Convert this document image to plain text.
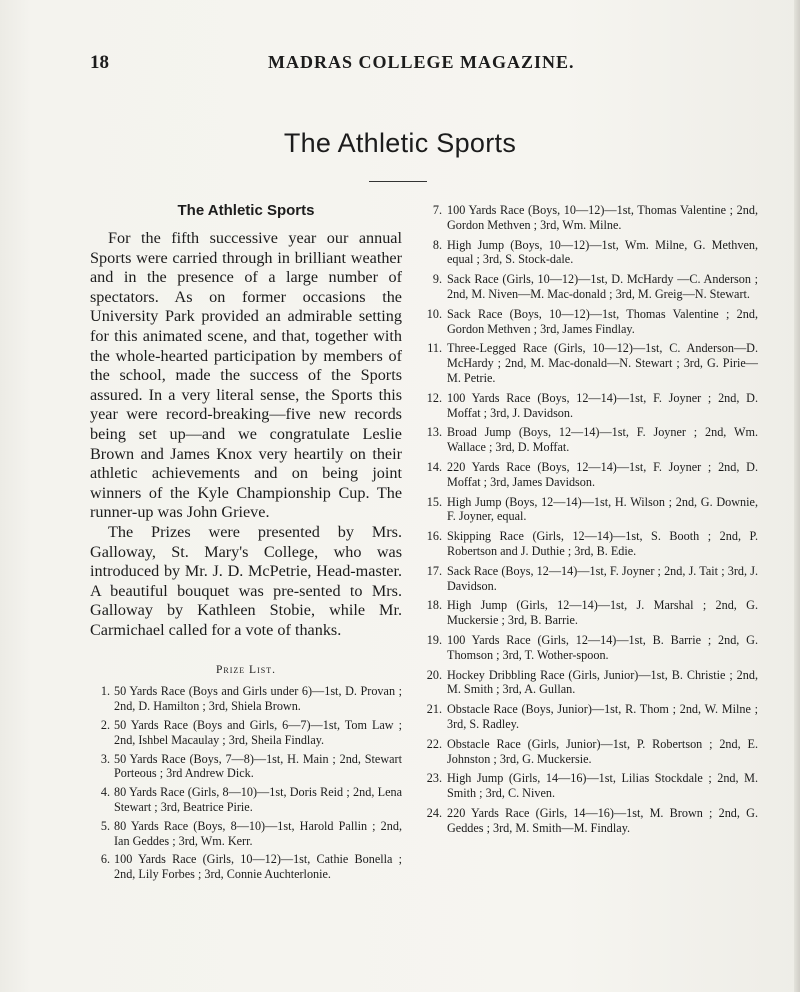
18	MADRAS COLLEGE MAGAZINE.
The Athletic Sports
The Athletic Sports

For the fifth successive year our annual Sports were carried through in brilliant weather and in the presence of a large number of spectators. As on former occasions the University Park provided an admirable setting for this animated scene, and that, together with the whole-hearted participation by members of the school, made the success of the Sports assured. In a very literal sense, the Sports this year were record-breaking—five new records being set up—and we congratulate Leslie Brown and James Knox very heartily on their athletic achievements and on being joint winners of the Kyle Championship Cup. The runner-up was John Grieve.

The Prizes were presented by Mrs. Galloway, St. Mary's College, who was introduced by Mr. J. D. McPetrie, Head-master. A beautiful bouquet was pre-sented to Mrs. Galloway by Kathleen Stobie, while Mr. Carmichael called for a vote of thanks.

Prize List.
1. 50 Yards Race (Boys and Girls under 6)—1st, D. Provan ; 2nd, D. Hamilton ; 3rd, Shiela Brown.
2. 50 Yards Race (Boys and Girls, 6—7)—1st, Tom Law ; 2nd, Ishbel Macaulay ; 3rd, Sheila Findlay.
3. 50 Yards Race (Boys, 7—8)—1st, H. Main ; 2nd, Stewart Porteous ; 3rd Andrew Dick.
4. 80 Yards Race (Girls, 8—10)—1st, Doris Reid ; 2nd, Lena Stewart ; 3rd, Beatrice Pirie.
5. 80 Yards Race (Boys, 8—10)—1st, Harold Pallin ; 2nd, Ian Geddes ; 3rd, Wm. Kerr.
6. 100 Yards Race (Girls, 10—12)—1st, Cathie Bonella ; 2nd, Lily Forbes ; 3rd, Connie Auchterlonie.
7. 100 Yards Race (Boys, 10—12)—1st, Thomas Valentine ; 2nd, Gordon Methven ; 3rd, Wm. Milne.
8. High Jump (Boys, 10—12)—1st, Wm. Milne, G. Methven, equal ; 3rd, S. Stock-dale.
9. Sack Race (Girls, 10—12)—1st, D. McHardy —C. Anderson ; 2nd, M. Niven—M. Mac-donald ; 3rd, M. Greig—N. Stewart.
10. Sack Race (Boys, 10—12)—1st, Thomas Valentine ; 2nd, Gordon Methven ; 3rd, James Findlay.
11. Three-Legged Race (Girls, 10—12)—1st, C. Anderson—D. McHardy ; 2nd, M. Mac-donald—N. Stewart ; 3rd, G. Pirie—M. Petrie.
12. 100 Yards Race (Boys, 12—14)—1st, F. Joyner ; 2nd, D. Moffat ; 3rd, J. Davidson.
13. Broad Jump (Boys, 12—14)—1st, F. Joyner ; 2nd, Wm. Wallace ; 3rd, D. Moffat.
14. 220 Yards Race (Boys, 12—14)—1st, F. Joyner ; 2nd, D. Moffat ; 3rd, James Davidson.
15. High Jump (Boys, 12—14)—1st, H. Wilson ; 2nd, G. Downie, F. Joyner, equal.
16. Skipping Race (Girls, 12—14)—1st, S. Booth ; 2nd, P. Robertson and J. Duthie ; 3rd, B. Edie.
17. Sack Race (Boys, 12—14)—1st, F. Joyner ; 2nd, J. Tait ; 3rd, J. Davidson.
18. High Jump (Girls, 12—14)—1st, J. Marshal ; 2nd, G. Muckersie ; 3rd, B. Barrie.
19. 100 Yards Race (Girls, 12—14)—1st, B. Barrie ; 2nd, G. Thomson ; 3rd, T. Wother-spoon.
20. Hockey Dribbling Race (Girls, Junior)—1st, B. Christie ; 2nd, M. Smith ; 3rd, A. Gullan.
21. Obstacle Race (Boys, Junior)—1st, R. Thom ; 2nd, W. Milne ; 3rd, S. Radley.
22. Obstacle Race (Girls, Junior)—1st, P. Robertson ; 2nd, E. Johnston ; 3rd, G. Muckersie.
23. High Jump (Girls, 14—16)—1st, Lilias Stockdale ; 2nd, M. Smith ; 3rd, C. Niven.
24. 220 Yards Race (Girls, 14—16)—1st, M. Brown ; 2nd, G. Geddes ; 3rd, M. Smith—M. Findlay.
